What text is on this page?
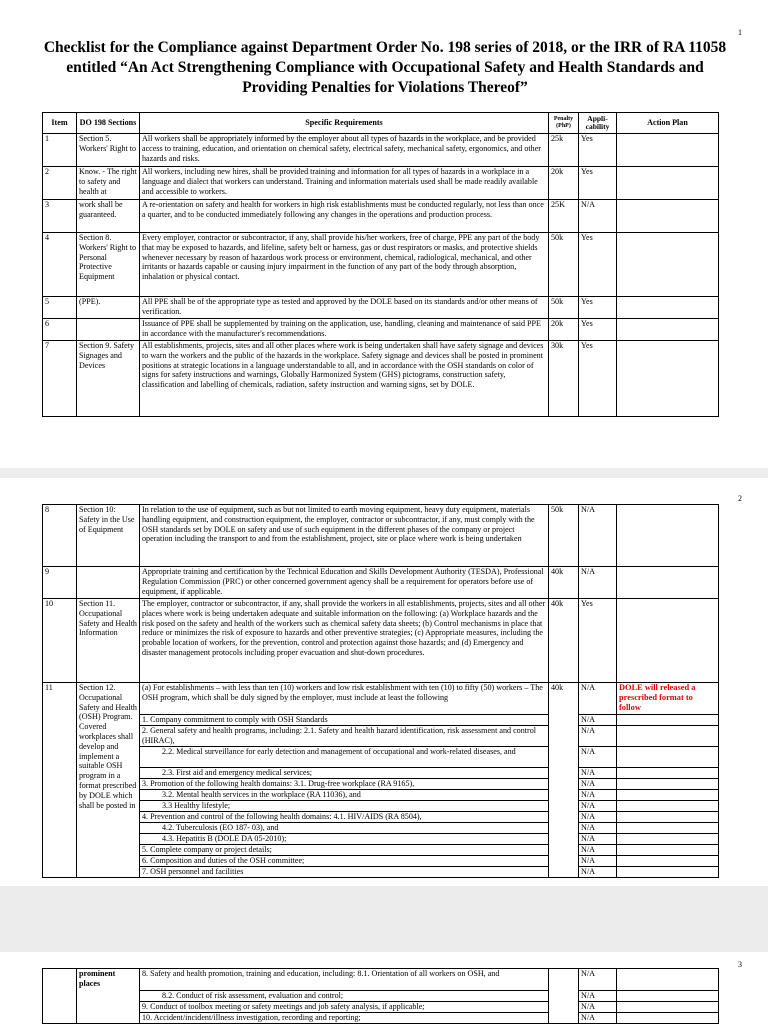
1
Checklist for the Compliance against Department Order No. 198 series of 2018, or the IRR of RA 11058 entitled “An Act Strengthening Compliance with Occupational Safety and Health Standards and Providing Penalties for Violations Thereof”
Item	DO 198 Sections	Specific Requirements	Penalty (PhP)	Appli-cability	Action Plan
1	Section 5. Workers' Right to	All workers shall be appropriately informed by the employer about all types of hazards in the workplace, and be provided access to training, education, and orientation on chemical safety, electrical safety, mechanical safety, ergonomics, and other hazards and risks.	25k	Yes	
2	Know. - The right to safety and health at	All workers, including new hires, shall be provided training and information for all types of hazards in a workplace in a language and dialect that workers can understand. Training and information materials used shall be made readily available and accessible to workers.	20k	Yes	
3	work shall be guaranteed.	A re-orientation on safety and health for workers in high risk establishments must be conducted regularly, not less than once a quarter, and to be conducted immediately following any changes in the operations and production process.	25K	N/A	
4	Section 8. Workers' Right to Personal Protective Equipment	Every employer, contractor or subcontractor, if any, shall provide his/her workers, free of charge, PPE any part of the body that may be exposed to hazards, and lifeline, safety belt or harness, gas or dust respirators or masks, and protective shields whenever necessary by reason of hazardous work process or environment, chemical, radiological, mechanical, and other irritants or hazards capable or causing injury impairment in the function of any part of the body through absorption, inhalation or physical contact.	50k	Yes	
5	(PPE).	All PPE shall be of the appropriate type as tested and approved by the DOLE based on its standards and/or other means of verification.	50k	Yes	
6		Issuance of PPE shall be supplemented by training on the application, use, handling, cleaning and maintenance of said PPE in accordance with the manufacturer's recommendations.	20k	Yes	
7	Section 9. Safety Signages and Devices	All establishments, projects, sites and all other places where work is being undertaken shall have safety signage and devices to warn the workers and the public of the hazards in the workplace. Safety signage and devices shall be posted in prominent positions at strategic locations in a language understandable to all, and in accordance with the OSH standards on color of signs for safety instructions and warnings, Globally Harmonized System (GHS) pictograms, construction safety, classification and labelling of chemicals, radiation, safety instruction and warning signs, set by DOLE.	30k	Yes	
2
8	Section 10: Safety in the Use of Equipment	In relation to the use of equipment, such as but not limited to earth moving equipment, heavy duty equipment, materials handling equipment, and construction equipment, the employer, contractor or subcontractor, if any, must comply with the OSH standards set by DOLE on safety and use of such equipment in the different phases of the company or project operation including the transport to and from the establishment, project, site or place where work is being undertaken	50k	N/A	
9		Appropriate training and certification by the Technical Education and Skills Development Authority (TESDA), Professional Regulation Commission (PRC) or other concerned government agency shall be a requirement for operators before use of equipment, if applicable.	40k	N/A	
10	Section 11. Occupational Safety and Health Information	The employer, contractor or subcontractor, if any, shall provide the workers in all establishments, projects, sites and all other places where work is being undertaken adequate and suitable information on the following: (a) Workplace hazards and the risk posed on the safety and health of the workers such as chemical safety data sheets; (b) Control mechanisms in place that reduce or minimizes the risk of exposure to hazards and other preventive strategies; (c) Appropriate measures, including the probable location of workers, for the prevention, control and protection against those hazards; and (d) Emergency and disaster management protocols including proper evacuation and shut-down procedures.	40k	Yes	
11	Section 12. Occupational Safety and Health (OSH) Program. Covered workplaces shall develop and implement a suitable OSH program in a format prescribed by DOLE which shall be posted in	(a) For establishments – with less than ten (10) workers and low risk establishment with ten (10) to fifty (50) workers – The OSH program, which shall be duly signed by the employer, must include at least the following	40k	N/A	DOLE will released a prescribed format to follow
		1. Company commitment to comply with OSH Standards		N/A	
		2. General safety and health programs, including: 2.1. Safety and health hazard identification, risk assessment and control (HIRAC),		N/A	
		2.2. Medical surveillance for early detection and management of occupational and work-related diseases, and		N/A	
		2.3. First aid and emergency medical services;		N/A	
		3. Promotion of the following health domains: 3.1. Drug-free workplace (RA 9165),		N/A	
		3.2. Mental health services in the workplace (RA 11036), and		N/A	
		3.3 Healthy lifestyle;		N/A	
		4. Prevention and control of the following health domains: 4.1. HIV/AIDS (RA 8504),		N/A	
		4.2. Tuberculosis (EO 187- 03), and		N/A	
		4.3. Hepatitis B (DOLE DA 05-2010);		N/A	
		5. Complete company or project details;		N/A	
		6. Composition and duties of the OSH committee;		N/A	
		7. OSH personnel and facilities		N/A	
3
	prominent places	8. Safety and health promotion, training and education, including: 8.1. Orientation of all workers on OSH, and		N/A	
		8.2. Conduct of risk assessment, evaluation and control;		N/A	
		9. Conduct of toolbox meeting or safety meetings and job safety analysis, if applicable;		N/A	
		10. Accident/incident/illness investigation, recording and reporting;		N/A	
